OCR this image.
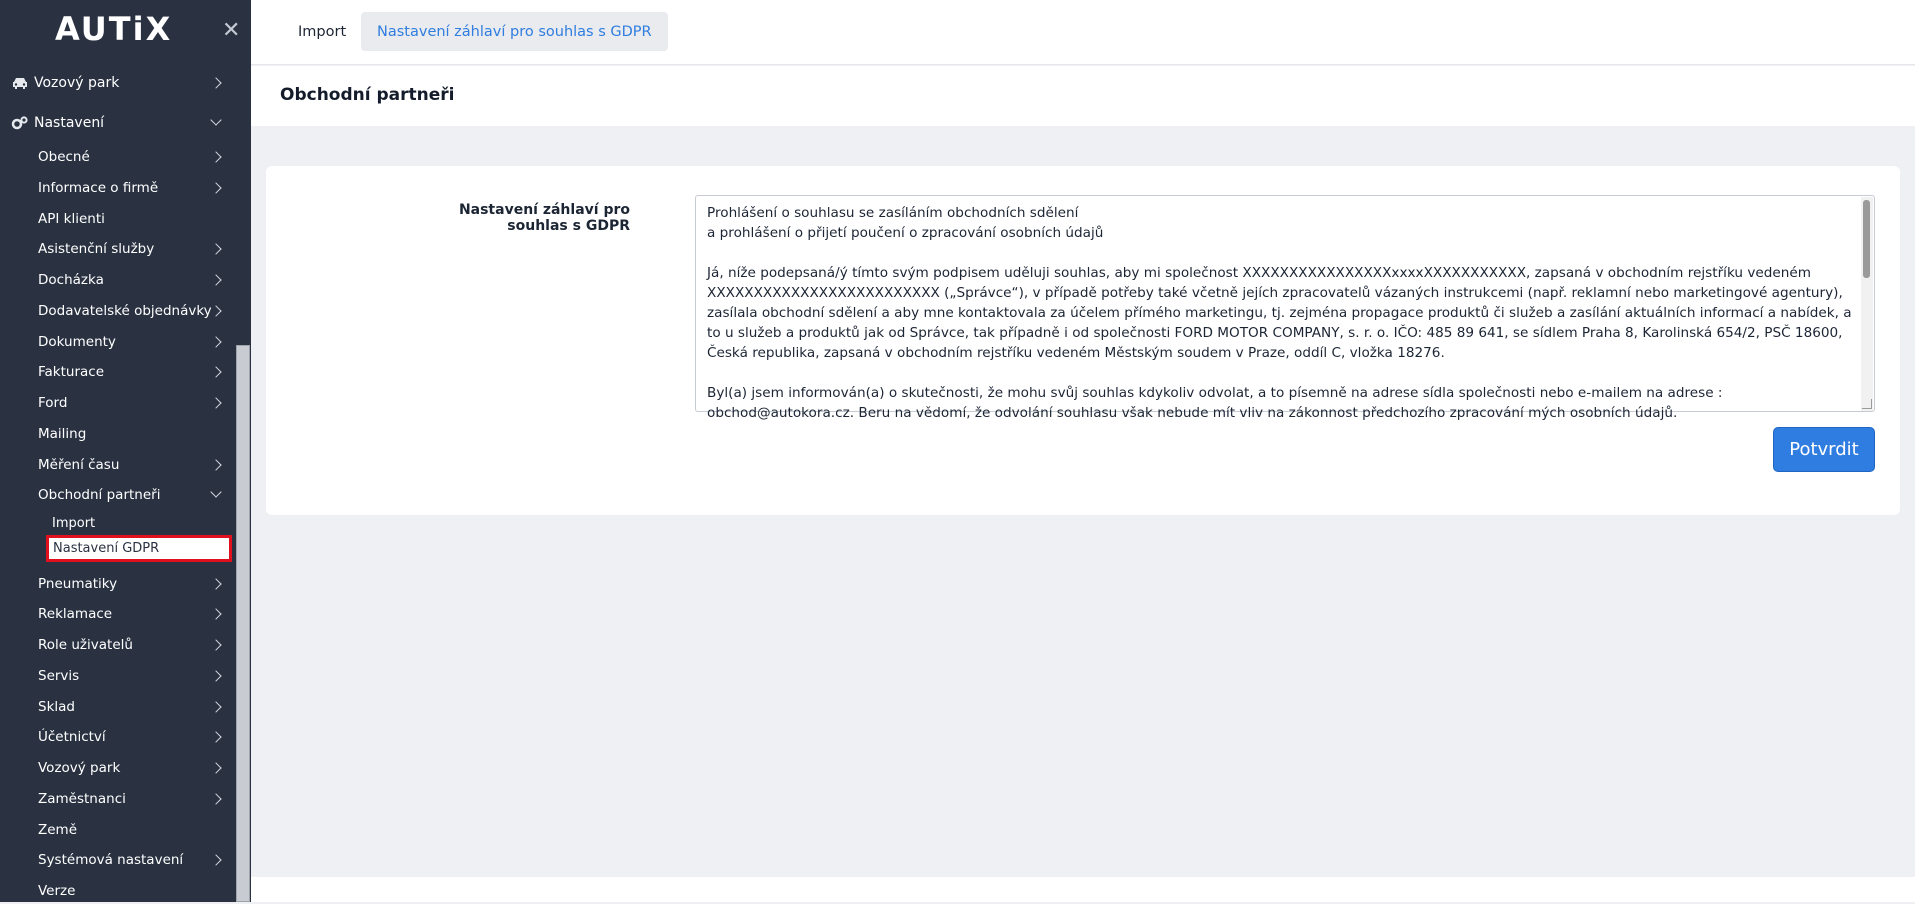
AUTiX ✕
Vozový park
Nastavení
Obecné
Informace o firmě
API klienti
Asistenční služby
Docházka
Dodavatelské objednávky
Dokumenty
Fakturace
Ford
Mailing
Měření času
Obchodní partneři
Import
Nastavení GDPR
Pneumatiky
Reklamace
Role uživatelů
Servis
Sklad
Účetnictví
Vozový park
Zaměstnanci
Země
Systémová nastavení
Verze
Import	Nastavení záhlaví pro souhlas s GDPR
Obchodní partneři
Nastavení záhlaví pro souhlas s GDPR
Prohlášení o souhlasu se zasíláním obchodních sdělení
a prohlášení o přijetí poučení o zpracování osobních údajů

Já, níže podepsaná/ý tímto svým podpisem uděluji souhlas, aby mi společnost XXXXXXXXXXXXXXXXxxxxXXXXXXXXXXX, zapsaná v obchodním rejstříku vedeném XXXXXXXXXXXXXXXXXXXXXXXXX („Správce“), v případě potřeby také včetně jejích zpracovatelů vázaných instrukcemi (např. reklamní nebo marketingové agentury), zasílala obchodní sdělení a aby mne kontaktovala za účelem přímého marketingu, tj. zejména propagace produktů či služeb a zasílání aktuálních informací a nabídek, a to u služeb a produktů jak od Správce, tak případně i od společnosti FORD MOTOR COMPANY, s. r. o. IČO: 485 89 641, se sídlem Praha 8, Karolinská 654/2, PSČ 18600, Česká republika, zapsaná v obchodním rejstříku vedeném Městským soudem v Praze, oddíl C, vložka 18276.

Byl(a) jsem informován(a) o skutečnosti, že mohu svůj souhlas kdykoliv odvolat, a to písemně na adrese sídla společnosti nebo e-mailem na adrese : obchod@autokora.cz. Beru na vědomí, že odvolání souhlasu však nebude mít vliv na zákonnost předchozího zpracování mých osobních údajů.
Potvrdit
